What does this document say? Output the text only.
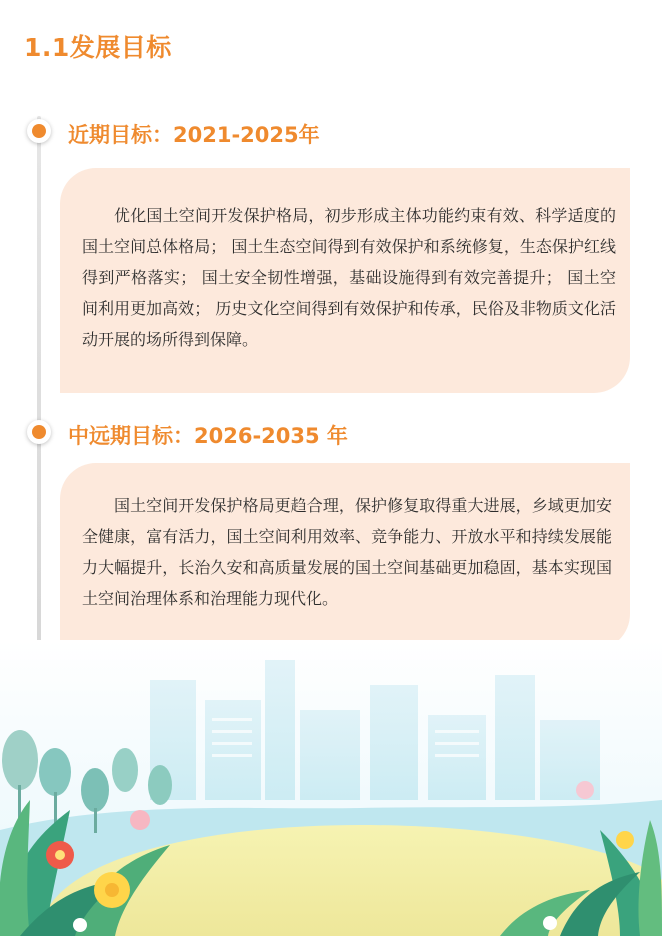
1.1发展目标
近期目标：2021-2025年

优化国土空间开发保护格局，初步形成主体功能约束有效、科学适度的国土空间总体格局； 国土生态空间得到有效保护和系统修复，生态保护红线得到严格落实； 国土安全韧性增强，基础设施得到有效完善提升； 国土空间利用更加高效； 历史文化空间得到有效保护和传承，民俗及非物质文化活动开展的场所得到保障。

中远期目标：2026-2035 年

国土空间开发保护格局更趋合理，保护修复取得重大进展，乡域更加安全健康，富有活力，国土空间利用效率、竞争能力、开放水平和持续发展能力大幅提升，长治久安和高质量发展的国土空间基础更加稳固，基本实现国土空间治理体系和治理能力现代化。
